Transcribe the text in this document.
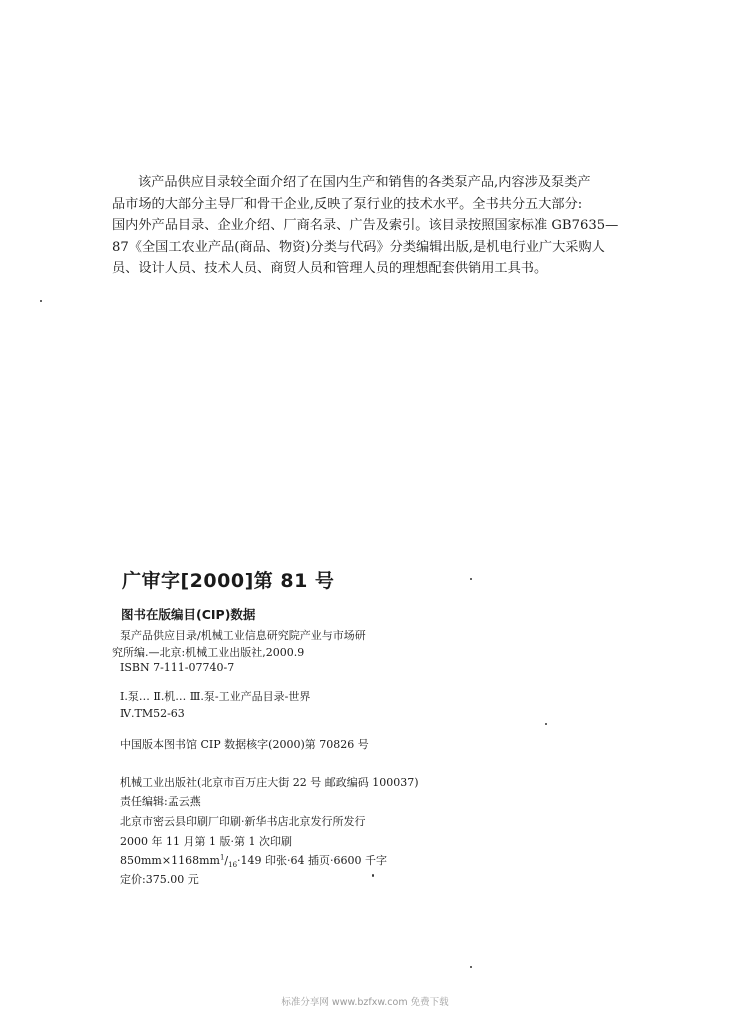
该产品供应目录较全面介绍了在国内生产和销售的各类泵产品,内容涉及泵类产
品市场的大部分主导厂和骨干企业,反映了泵行业的技术水平。全书共分五大部分:
国内外产品目录、企业介绍、厂商名录、广告及索引。该目录按照国家标准 GB7635—
87《全国工农业产品(商品、物资)分类与代码》分类编辑出版,是机电行业广大采购人
员、设计人员、技术人员、商贸人员和管理人员的理想配套供销用工具书。
广审字[2000]第 81 号
图书在版编目(CIP)数据
泵产品供应目录/机械工业信息研究院产业与市场研
究所编.—北京:机械工业出版社,2000.9
ISBN 7-111-07740-7
Ⅰ.泵… Ⅱ.机… Ⅲ.泵-工业产品目录-世界
Ⅳ.TM52-63
中国版本图书馆 CIP 数据核字(2000)第 70826 号
机械工业出版社(北京市百万庄大街 22 号 邮政编码 100037)
责任编辑:孟云燕
北京市密云县印刷厂印刷·新华书店北京发行所发行
2000 年 11 月第 1 版·第 1 次印刷
$850mm\times 1168mm^1/_{16}\cdot 149$ 印张·64 插页·6600 千字
定价:375.00 元
标准分享网 www.bzfxw.com 免费下载
